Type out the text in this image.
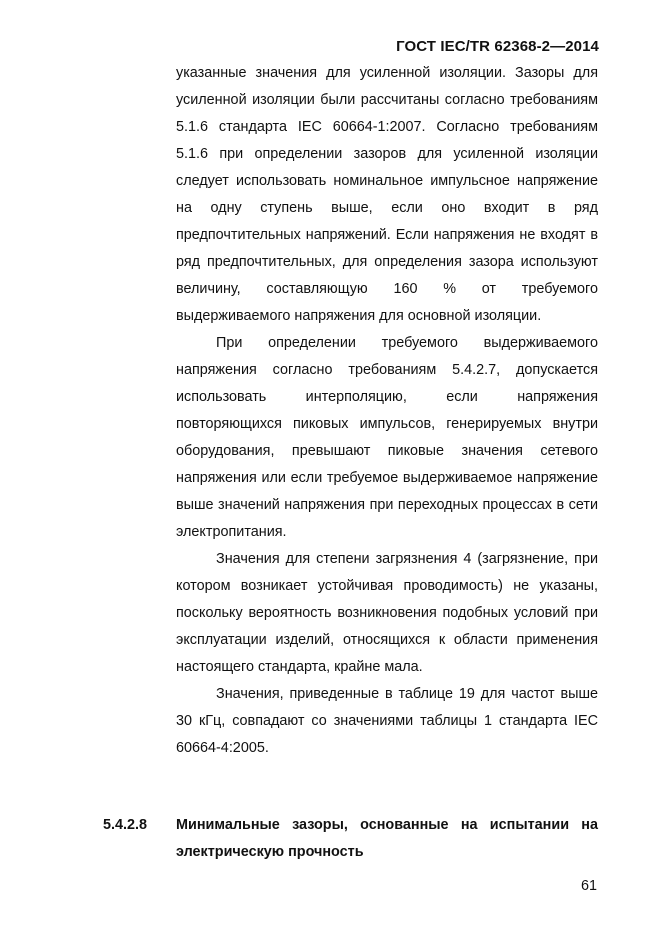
ГОСТ IEC/TR 62368-2—2014

указанные значения для усиленной изоляции. Зазоры для усиленной изоляции были рассчитаны согласно требованиям 5.1.6 стандарта IEC 60664-1:2007. Согласно требованиям 5.1.6 при определении зазоров для усиленной изоляции следует использовать номинальное импульсное напряжение на одну ступень выше, если оно входит в ряд предпочтительных напряжений. Если напряжения не входят в ряд предпочтительных, для определения зазора используют величину, составляющую 160 % от требуемого выдерживаемого напряжения для основной изоляции.

При определении требуемого выдерживаемого напряжения согласно требованиям 5.4.2.7, допускается использовать интерполяцию, если напряжения повторяющихся пиковых импульсов, генерируемых внутри оборудования, превышают пиковые значения сетевого напряжения или если требуемое выдерживаемое напряжение выше значений напряжения при переходных процессах в сети электропитания.

Значения для степени загрязнения 4 (загрязнение, при котором возникает устойчивая проводимость) не указаны, поскольку вероятность возникновения подобных условий при эксплуатации изделий, относящихся к области применения настоящего стандарта, крайне мала.

Значения, приведенные в таблице 19 для частот выше 30 кГц, совпадают со значениями таблицы 1 стандарта IEC 60664-4:2005.

5.4.2.8 Минимальные зазоры, основанные на испытании на электрическую прочность
61
